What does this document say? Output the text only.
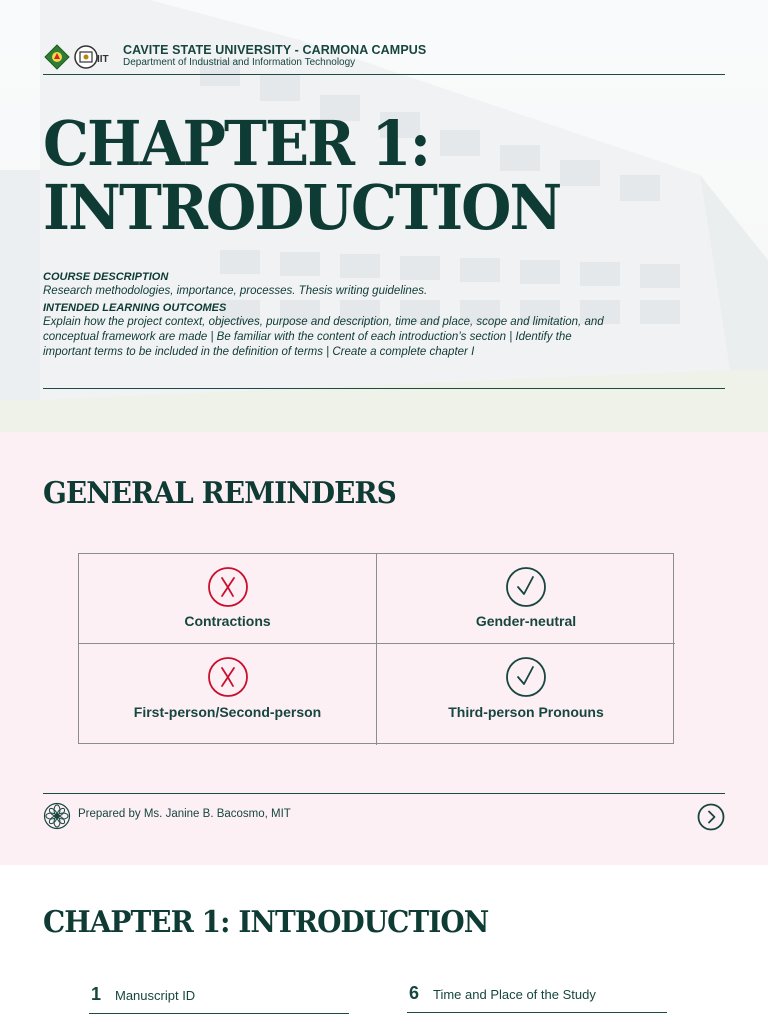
IIT
CAVITE STATE UNIVERSITY - CARMONA CAMPUS
Department of Industrial and Information Technology
CHAPTER 1:
INTRODUCTION
COURSE DESCRIPTION
Research methodologies, importance, processes. Thesis writing guidelines.
INTENDED LEARNING OUTCOMES
Explain how the project context, objectives, purpose and description, time and place, scope and limitation, and
conceptual framework are made | Be familiar with the content of each introduction’s section | Identify the
important terms to be included in the definition of terms | Create a complete chapter I
GENERAL REMINDERS
Contractions	Gender-neutral
First-person/Second-person	Third-person Pronouns
Prepared by Ms. Janine B. Bacosmo, MIT
CHAPTER 1: INTRODUCTION
1 Manuscript ID	6 Time and Place of the Study
